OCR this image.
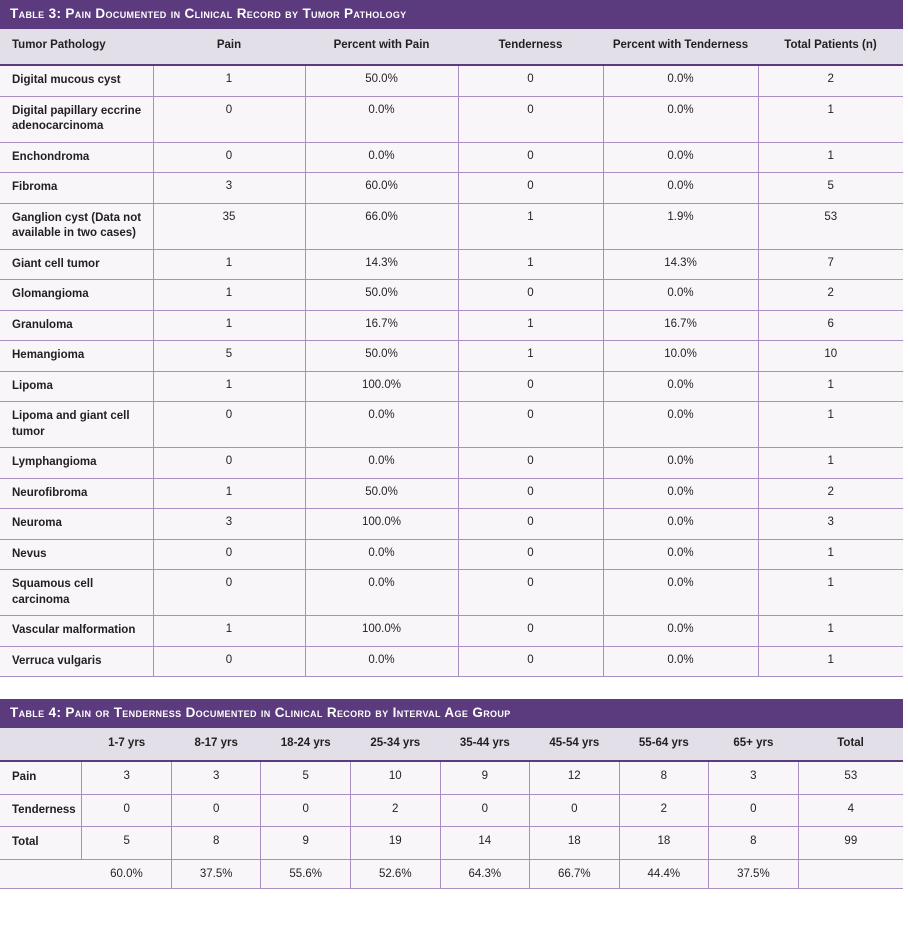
Table 3: Pain Documented in Clinical Record by Tumor Pathology
Tumor Pathology	Pain	Percent with Pain	Tenderness	Percent with Tenderness	Total Patients (n)
Digital mucous cyst	1	50.0%	0	0.0%	2
Digital papillary eccrine adenocarcinoma	0	0.0%	0	0.0%	1
Enchondroma	0	0.0%	0	0.0%	1
Fibroma	3	60.0%	0	0.0%	5
Ganglion cyst (Data not available in two cases)	35	66.0%	1	1.9%	53
Giant cell tumor	1	14.3%	1	14.3%	7
Glomangioma	1	50.0%	0	0.0%	2
Granuloma	1	16.7%	1	16.7%	6
Hemangioma	5	50.0%	1	10.0%	10
Lipoma	1	100.0%	0	0.0%	1
Lipoma and giant cell tumor	0	0.0%	0	0.0%	1
Lymphangioma	0	0.0%	0	0.0%	1
Neurofibroma	1	50.0%	0	0.0%	2
Neuroma	3	100.0%	0	0.0%	3
Nevus	0	0.0%	0	0.0%	1
Squamous cell carcinoma	0	0.0%	0	0.0%	1
Vascular malformation	1	100.0%	0	0.0%	1
Verruca vulgaris	0	0.0%	0	0.0%	1
Table 4: Pain or Tenderness Documented in Clinical Record by Interval Age Group
	1-7 yrs	8-17 yrs	18-24 yrs	25-34 yrs	35-44 yrs	45-54 yrs	55-64 yrs	65+ yrs	Total
Pain	3	3	5	10	9	12	8	3	53
Tenderness	0	0	0	2	0	0	2	0	4
Total	5	8	9	19	14	18	18	8	99
	60.0%	37.5%	55.6%	52.6%	64.3%	66.7%	44.4%	37.5%	
